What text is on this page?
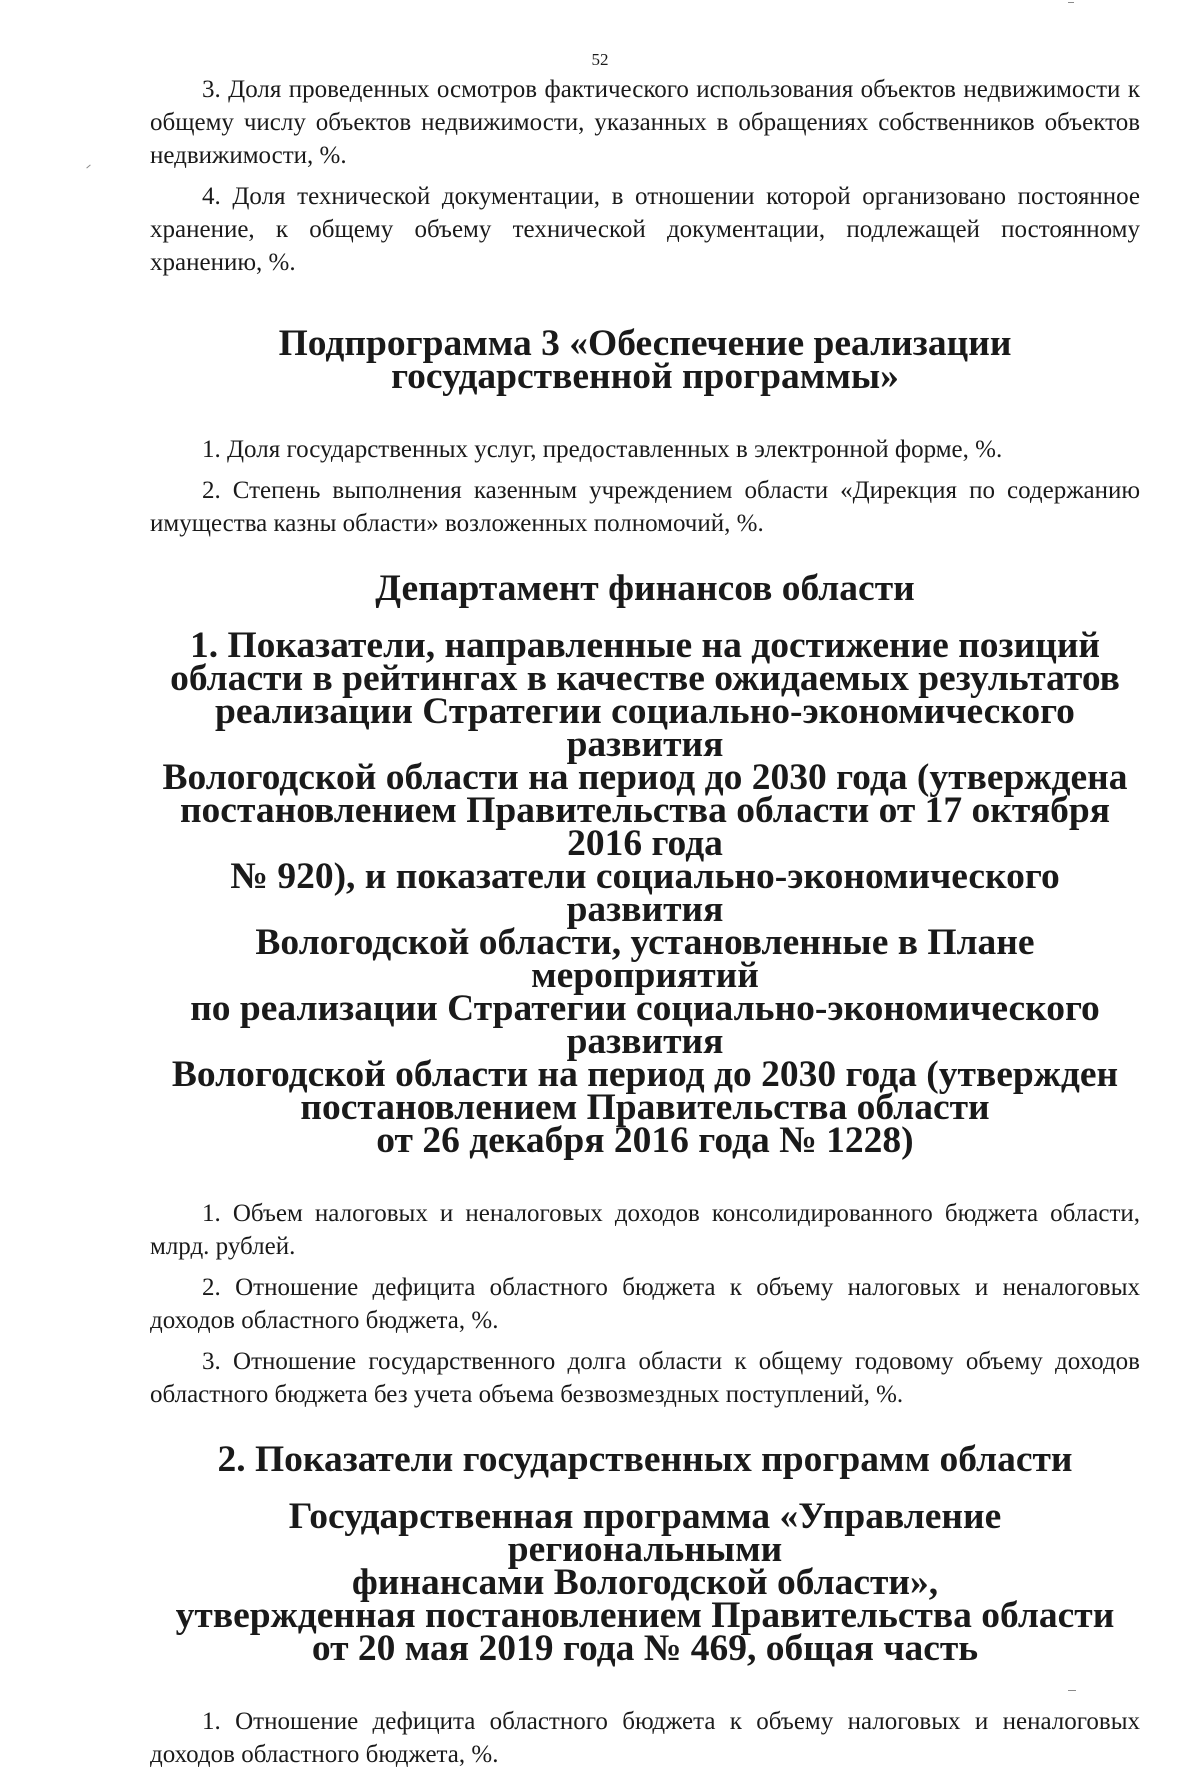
52

3. Доля проведенных осмотров фактического использования объектов недвижимости к общему числу объектов недвижимости, указанных в обращениях собственников объектов недвижимости, %.

4. Доля технической документации, в отношении которой организовано постоянное хранение, к общему объему технической документации, подлежащей постоянному хранению, %.

Подпрограмма 3 «Обеспечение реализации
государственной программы»

1. Доля государственных услуг, предоставленных в электронной форме, %.

2. Степень выполнения казенным учреждением области «Дирекция по содержанию имущества казны области» возложенных полномочий, %.

Департамент финансов области
1. Показатели, направленные на достижение позиций
области в рейтингах в качестве ожидаемых результатов
реализации Стратегии социально-экономического развития
Вологодской области на период до 2030 года (утверждена
постановлением Правительства области от 17 октября 2016 года
№ 920), и показатели социально-экономического развития
Вологодской области, установленные в Плане мероприятий
по реализации Стратегии социально-экономического развития
Вологодской области на период до 2030 года (утвержден
постановлением Правительства области
от 26 декабря 2016 года № 1228)

1. Объем налоговых и неналоговых доходов консолидированного бюджета области, млрд. рублей.

2. Отношение дефицита областного бюджета к объему налоговых и неналоговых доходов областного бюджета, %.

3. Отношение государственного долга области к общему годовому объему доходов областного бюджета без учета объема безвозмездных поступлений, %.

2. Показатели государственных программ области
Государственная программа «Управление региональными
финансами Вологодской области»,
утвержденная постановлением Правительства области
от 20 мая 2019 года № 469, общая часть

1. Отношение дефицита областного бюджета к объему налоговых и неналоговых доходов областного бюджета, %.
